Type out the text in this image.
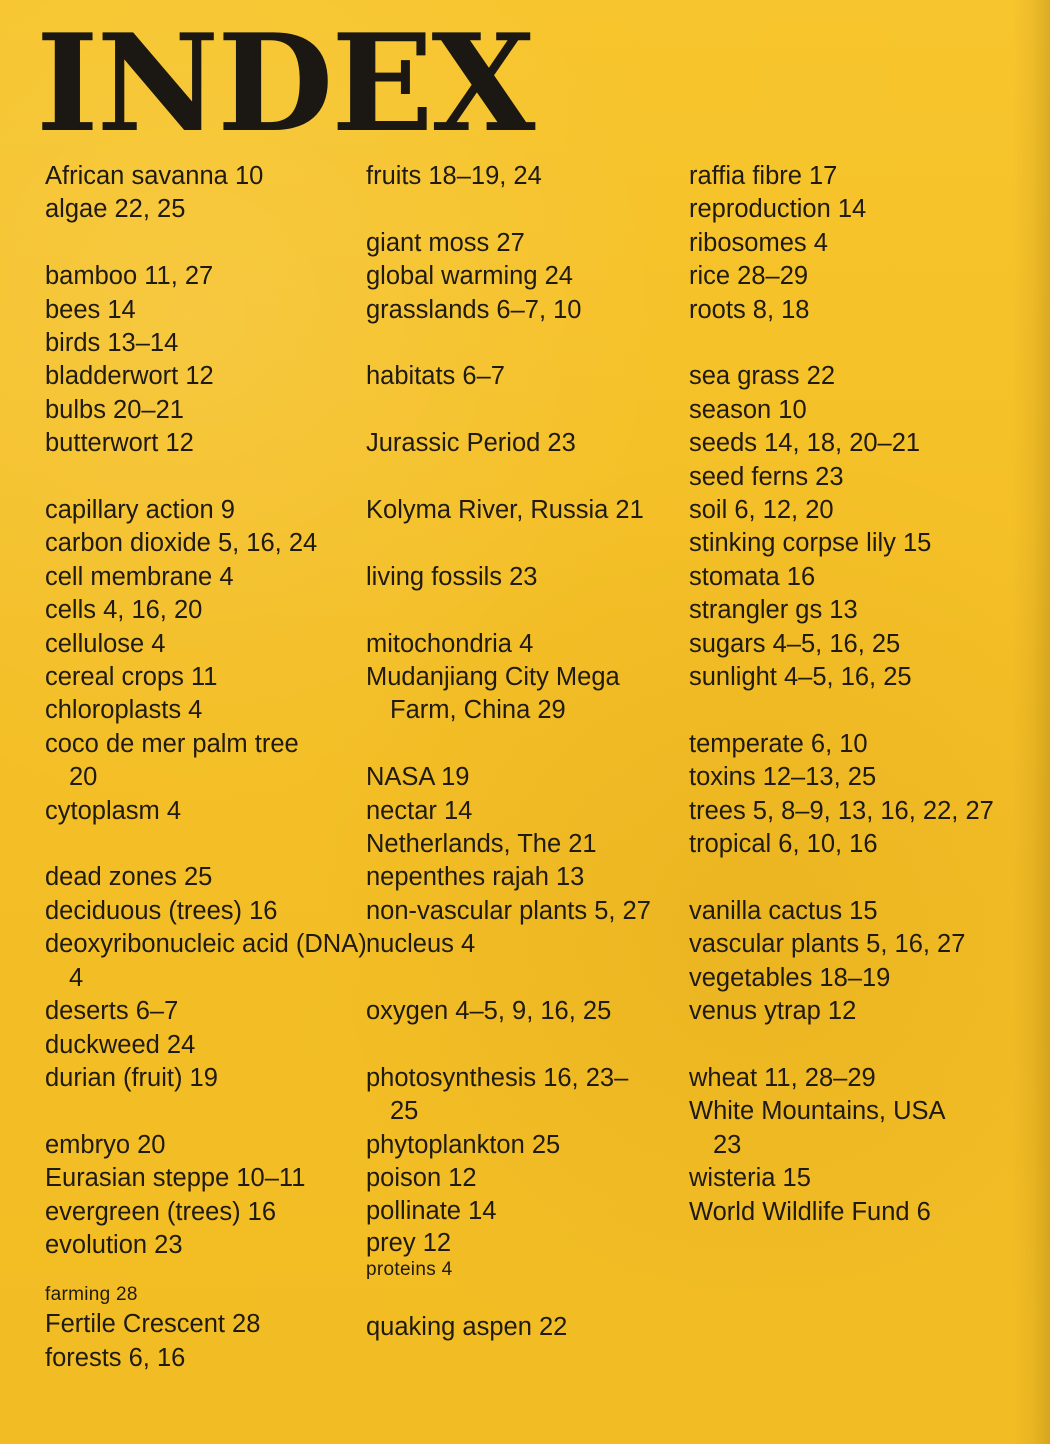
INDEX
African savanna 10
algae 22, 25
bamboo 11, 27
bees 14
birds 13–14
bladderwort 12
bulbs 20–21
butterwort 12
capillary action 9
carbon dioxide 5, 16, 24
cell membrane 4
cells 4, 16, 20
cellulose 4
cereal crops 11
chloroplasts 4
coco de mer palm tree 20
cytoplasm 4
dead zones 25
deciduous (trees) 16
deoxyribonucleic acid (DNA) 4
deserts 6–7
duckweed 24
durian (fruit) 19
embryo 20
Eurasian steppe 10–11
evergreen (trees) 16
evolution 23
farming 28
Fertile Crescent 28
forests 6, 16
fruits 18–19, 24
giant moss 27
global warming 24
grasslands 6–7, 10
habitats 6–7
Jurassic Period 23
Kolyma River, Russia 21
living fossils 23
mitochondria 4
Mudanjiang City Mega Farm, China 29
NASA 19
nectar 14
Netherlands, The 21
nepenthes rajah 13
non-vascular plants 5, 27
nucleus 4
oxygen 4–5, 9, 16, 25
photosynthesis 16, 23–25
phytoplankton 25
poison 12
pollinate 14
prey 12
proteins 4
quaking aspen 22
raffia fibre 17
reproduction 14
ribosomes 4
rice 28–29
roots 8, 18
sea grass 22
season 10
seeds 14, 18, 20–21
seed ferns 23
soil 6, 12, 20
stinking corpse lily 15
stomata 16
strangler gs 13
sugars 4–5, 16, 25
sunlight 4–5, 16, 25
temperate 6, 10
toxins 12–13, 25
trees 5, 8–9, 13, 16, 22, 27
tropical 6, 10, 16
vanilla cactus 15
vascular plants 5, 16, 27
vegetables 18–19
venus ytrap 12
wheat 11, 28–29
White Mountains, USA 23
wisteria 15
World Wildlife Fund 6
